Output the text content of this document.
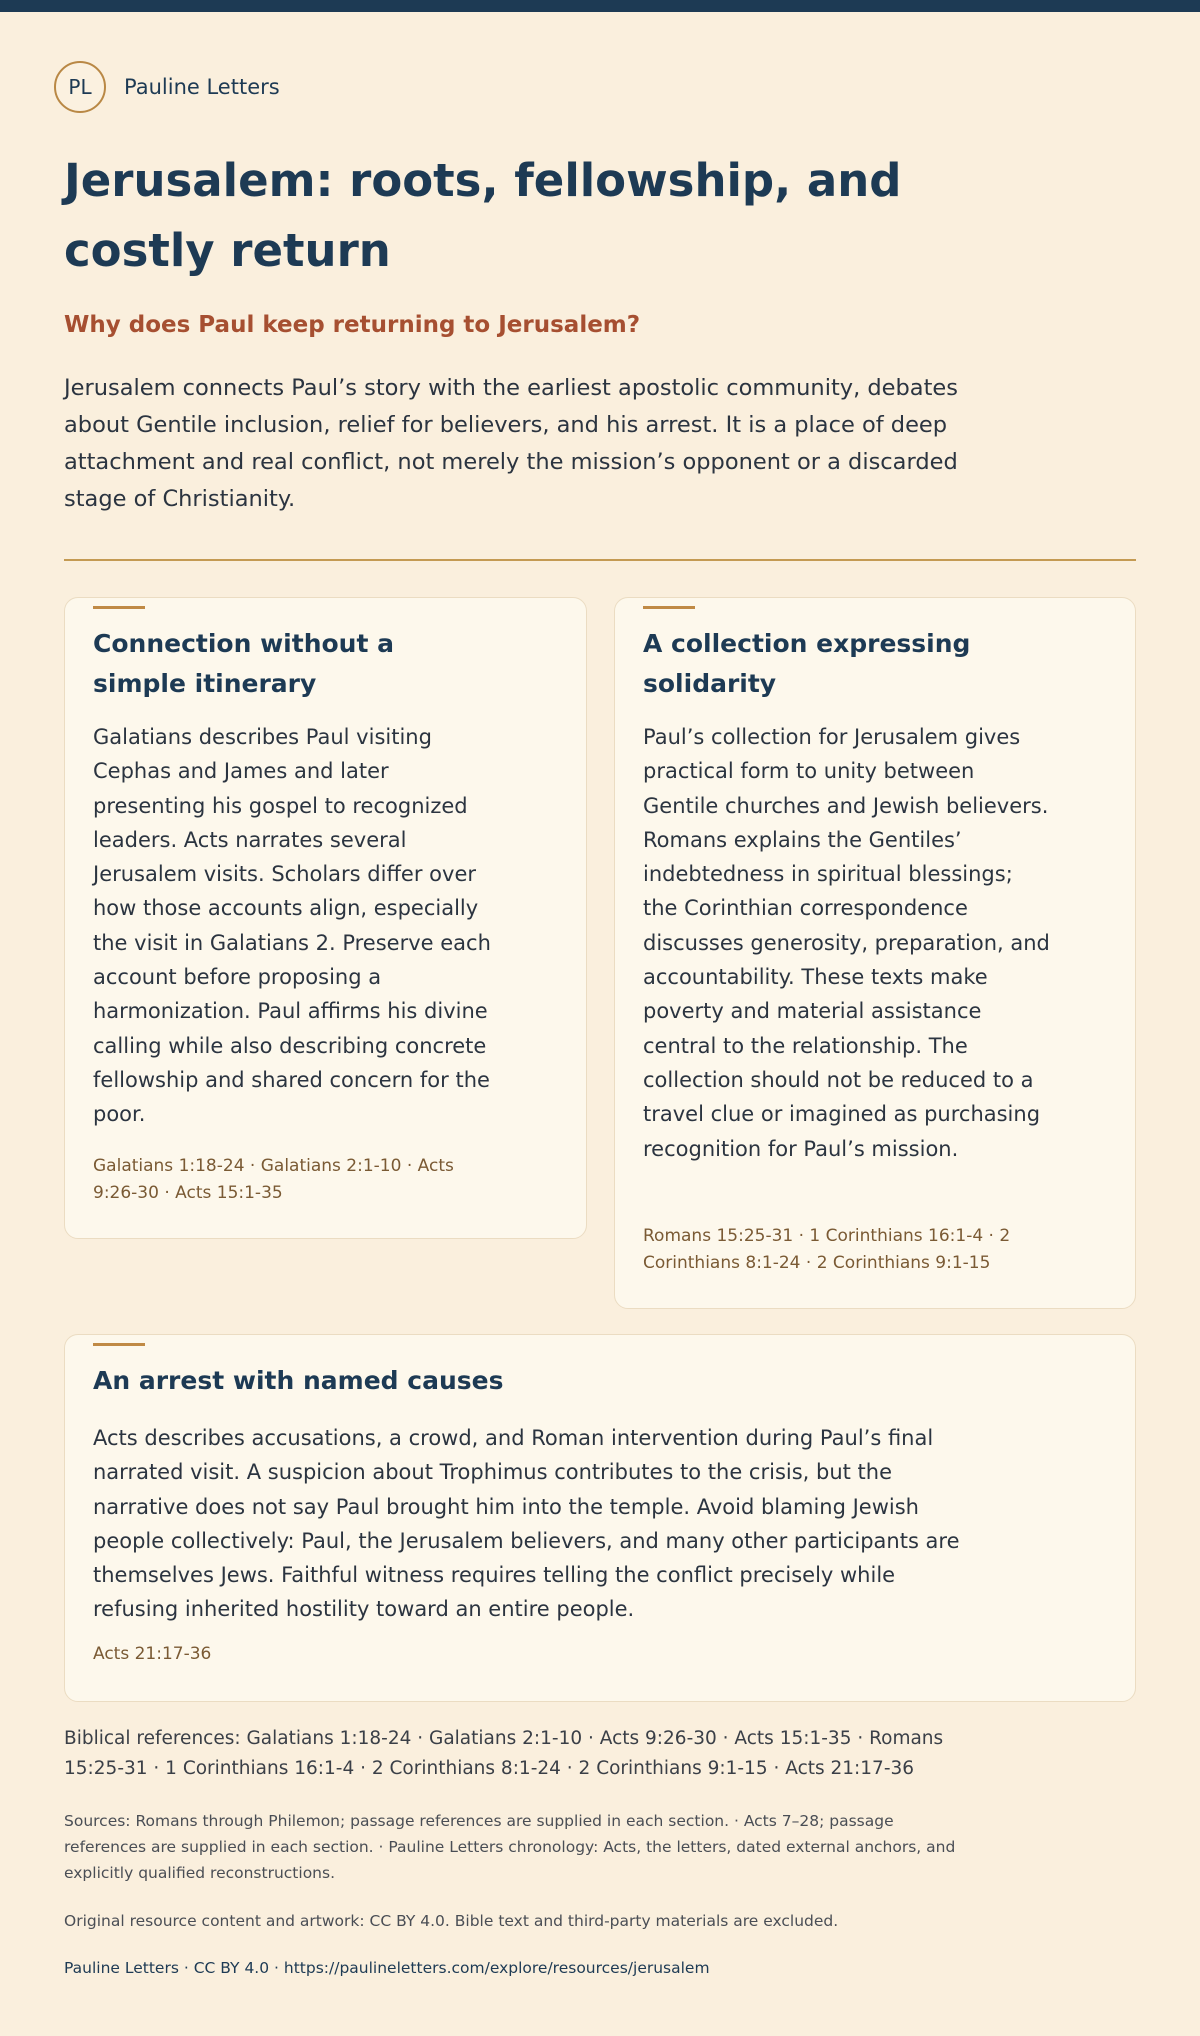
PL Pauline Letters
Jerusalem: roots, fellowship, and costly return
Why does Paul keep returning to Jerusalem?

Jerusalem connects Paul’s story with the earliest apostolic community, debates about Gentile inclusion, relief for believers, and his arrest. It is a place of deep attachment and real conflict, not merely the mission’s opponent or a discarded stage of Christianity.

Connection without a simple itinerary

Galatians describes Paul visiting Cephas and James and later presenting his gospel to recognized leaders. Acts narrates several Jerusalem visits. Scholars differ over how those accounts align, especially the visit in Galatians 2. Preserve each account before proposing a harmonization. Paul affirms his divine calling while also describing concrete fellowship and shared concern for the poor.

Galatians 1:18-24 · Galatians 2:1-10 · Acts 9:26-30 · Acts 15:1-35
A collection expressing solidarity

Paul’s collection for Jerusalem gives practical form to unity between Gentile churches and Jewish believers. Romans explains the Gentiles’ indebtedness in spiritual blessings; the Corinthian correspondence discusses generosity, preparation, and accountability. These texts make poverty and material assistance central to the relationship. The collection should not be reduced to a travel clue or imagined as purchasing recognition for Paul’s mission.

Romans 15:25-31 · 1 Corinthians 16:1-4 · 2 Corinthians 8:1-24 · 2 Corinthians 9:1-15
An arrest with named causes

Acts describes accusations, a crowd, and Roman intervention during Paul’s final narrated visit. A suspicion about Trophimus contributes to the crisis, but the narrative does not say Paul brought him into the temple. Avoid blaming Jewish people collectively: Paul, the Jerusalem believers, and many other participants are themselves Jews. Faithful witness requires telling the conflict precisely while refusing inherited hostility toward an entire people.

Acts 21:17-36

Biblical references: Galatians 1:18-24 · Galatians 2:1-10 · Acts 9:26-30 · Acts 15:1-35 · Romans 15:25-31 · 1 Corinthians 16:1-4 · 2 Corinthians 8:1-24 · 2 Corinthians 9:1-15 · Acts 21:17-36

Sources: Romans through Philemon; passage references are supplied in each section. · Acts 7–28; passage references are supplied in each section. · Pauline Letters chronology: Acts, the letters, dated external anchors, and explicitly qualified reconstructions.

Original resource content and artwork: CC BY 4.0. Bible text and third-party materials are excluded.

Pauline Letters · CC BY 4.0 · https://paulineletters.com/explore/resources/jerusalem
